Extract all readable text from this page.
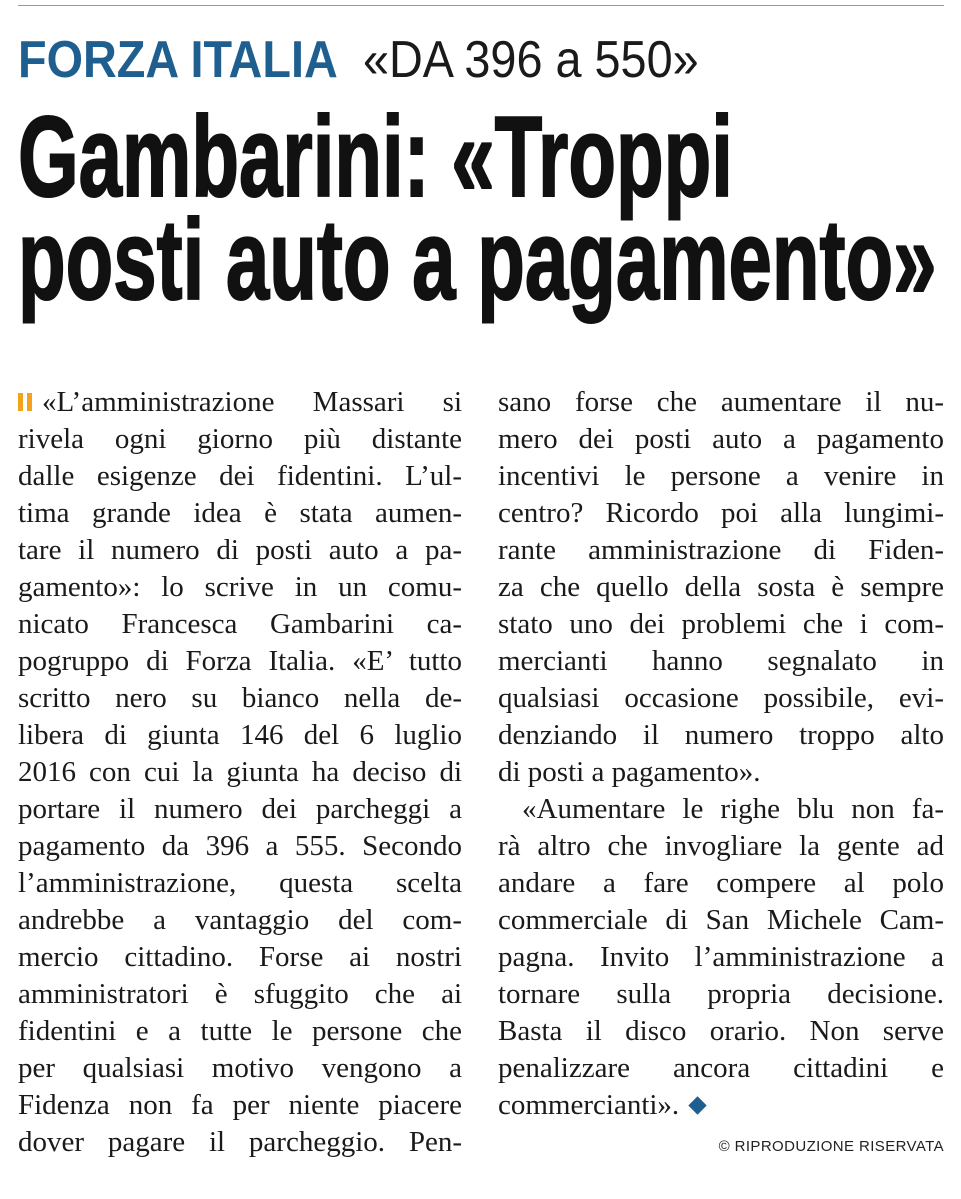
FORZA ITALIA «DA 396 a 550»
Gambarini: «Troppi
posti auto a pagamento»
«L’amministrazione Massari si
rivela ogni giorno più distante
dalle esigenze dei fidentini. L’ul-
tima grande idea è stata aumen-
tare il numero di posti auto a pa-
gamento»: lo scrive in un comu-
nicato Francesca Gambarini ca-
pogruppo di Forza Italia. «E’ tutto
scritto nero su bianco nella de-
libera di giunta 146 del 6 luglio
2016 con cui la giunta ha deciso di
portare il numero dei parcheggi a
pagamento da 396 a 555. Secondo
l’amministrazione, questa scelta
andrebbe a vantaggio del com-
mercio cittadino. Forse ai nostri
amministratori è sfuggito che ai
fidentini e a tutte le persone che
per qualsiasi motivo vengono a
Fidenza non fa per niente piacere
dover pagare il parcheggio. Pen-
sano forse che aumentare il nu-
mero dei posti auto a pagamento
incentivi le persone a venire in
centro? Ricordo poi alla lungimi-
rante amministrazione di Fiden-
za che quello della sosta è sempre
stato uno dei problemi che i com-
mercianti hanno segnalato in
qualsiasi occasione possibile, evi-
denziando il numero troppo alto
di posti a pagamento».
«Aumentare le righe blu non fa-
rà altro che invogliare la gente ad
andare a fare compere al polo
commerciale di San Michele Cam-
pagna. Invito l’amministrazione a
tornare sulla propria decisione.
Basta il disco orario. Non serve
penalizzare ancora cittadini e
commercianti».
© RIPRODUZIONE RISERVATA
